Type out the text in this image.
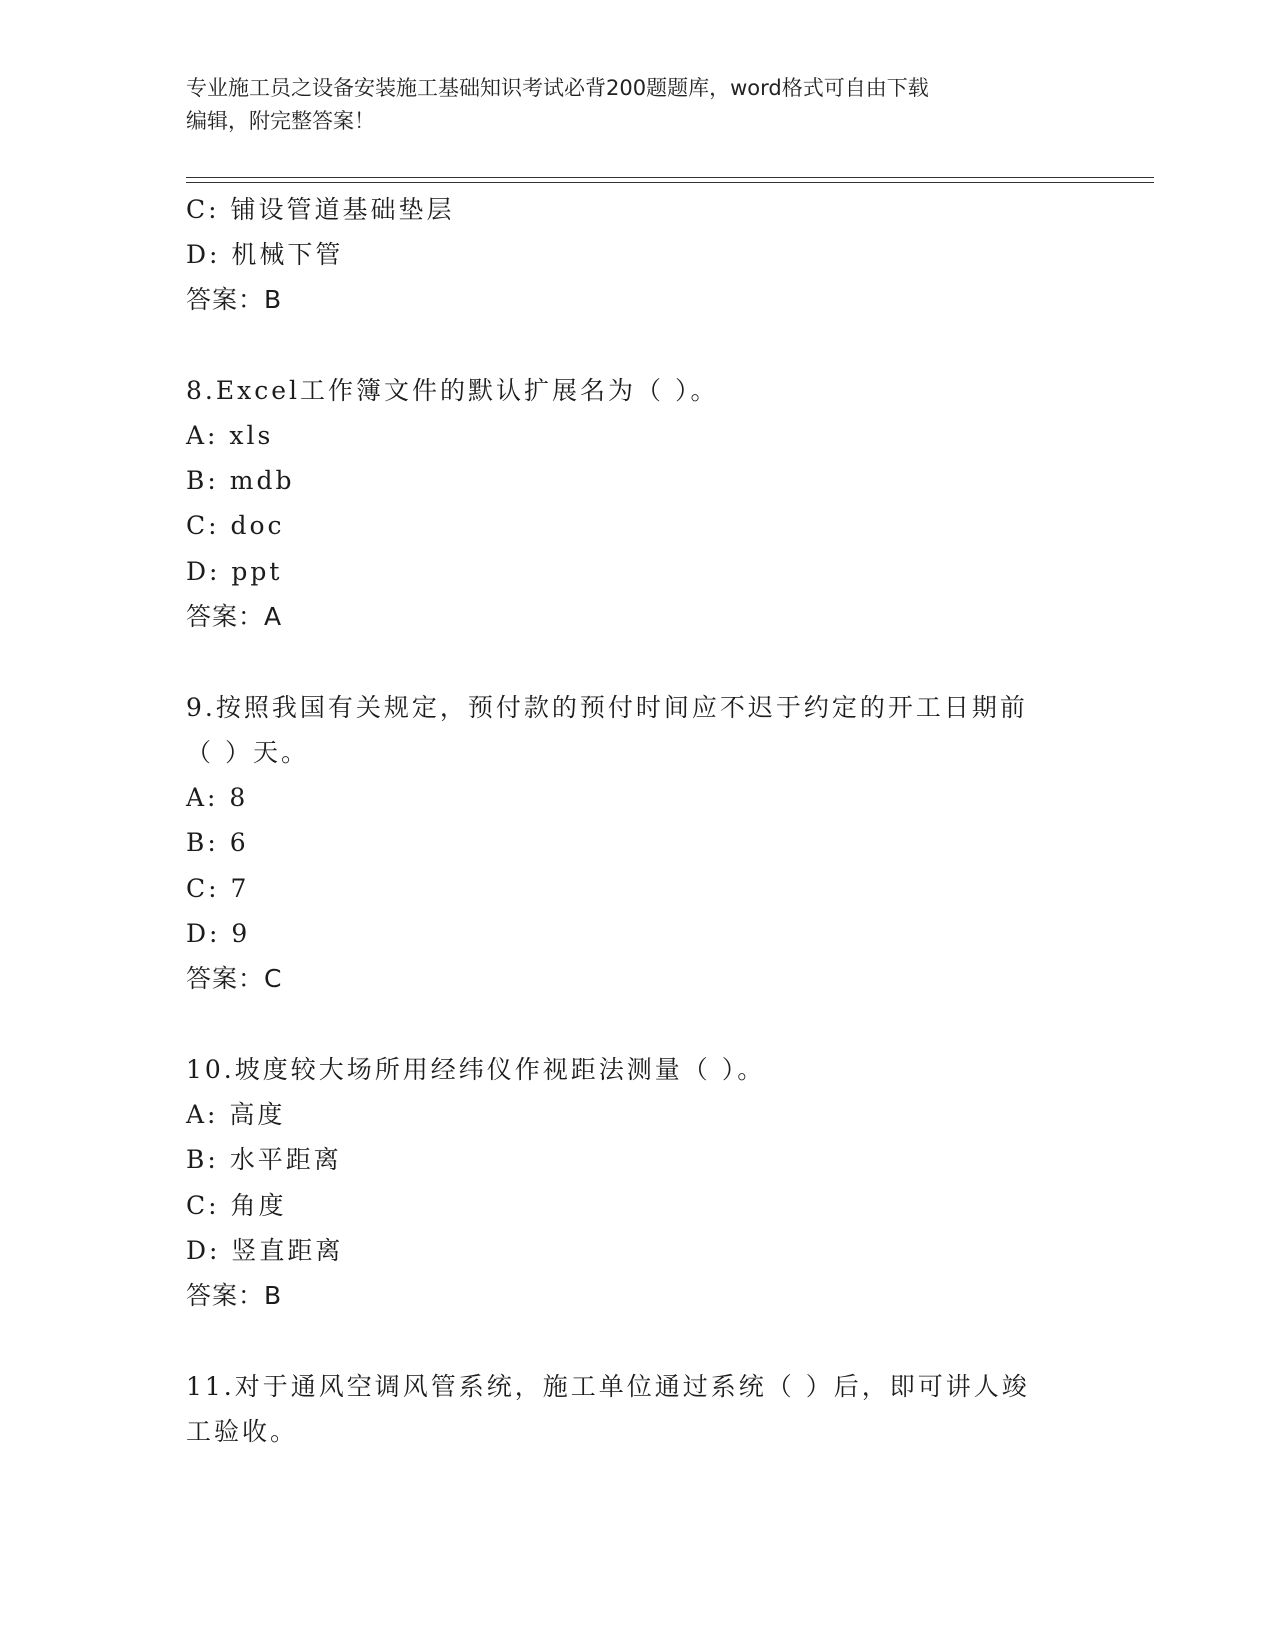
专业施工员之设备安装施工基础知识考试必背200题题库，word格式可自由下载
编辑，附完整答案！
C: 铺设管道基础垫层
D: 机械下管
答案：B
8.Excel工作簿文件的默认扩展名为（ ）。
A: xls
B: mdb
C: doc
D: ppt
答案：A
9.按照我国有关规定，预付款的预付时间应不迟于约定的开工日期前
（ ）天。
A: 8
B: 6
C: 7
D: 9
答案：C
10.坡度较大场所用经纬仪作视距法测量（ ）。
A: 高度
B: 水平距离
C: 角度
D: 竖直距离
答案：B
11.对于通风空调风管系统，施工单位通过系统（ ）后，即可讲人竣
工验收。
